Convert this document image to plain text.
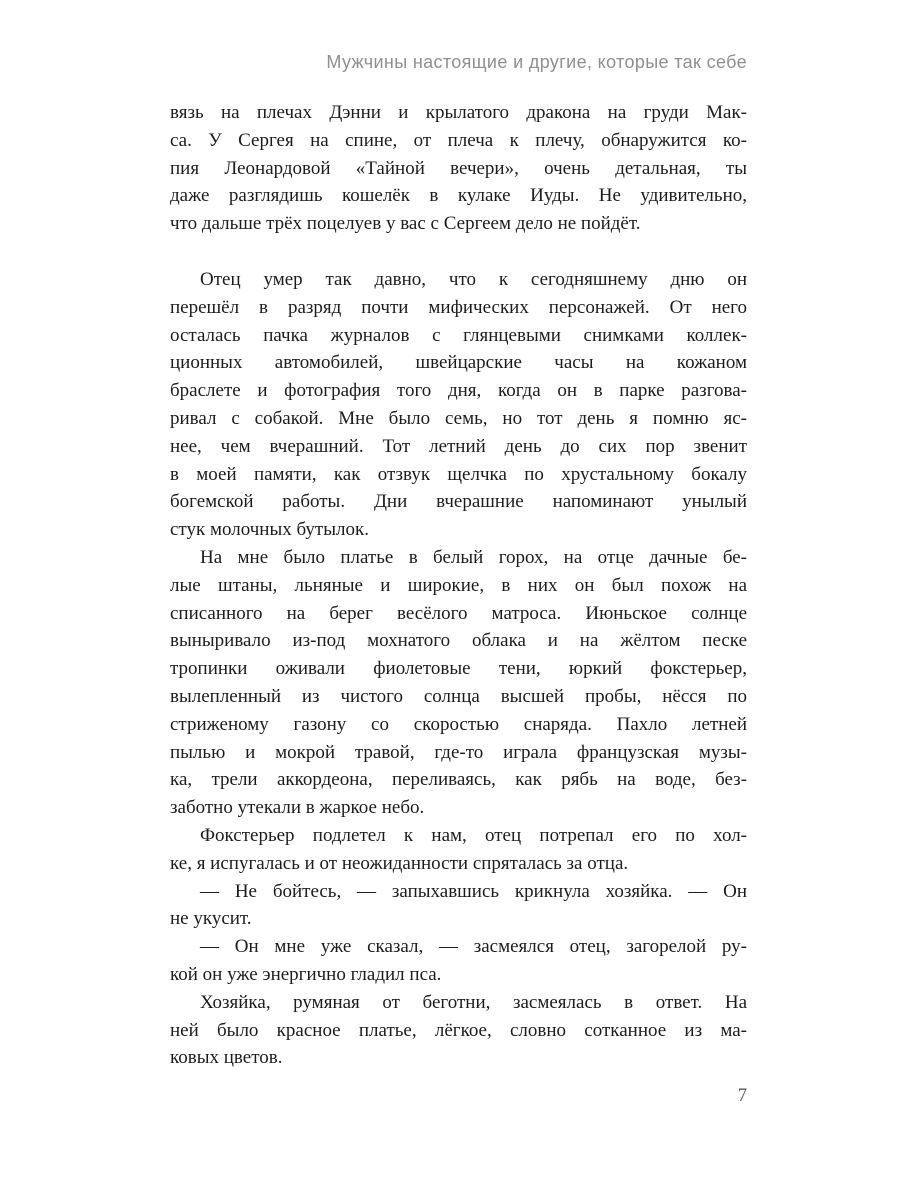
Мужчины настоящие и другие, которые так себе
вязь на плечах Дэнни и крылатого дракона на груди Мак-
са. У Сергея на спине, от плеча к плечу, обнаружится ко-
пия Леонардовой «Тайной вечери», очень детальная, ты
даже разглядишь кошелёк в кулаке Иуды. Не удивительно,
что дальше трёх поцелуев у вас с Сергеем дело не пойдёт.
Отец умер так давно, что к сегодняшнему дню он
перешёл в разряд почти мифических персонажей. От него
осталась пачка журналов с глянцевыми снимками коллек-
ционных автомобилей, швейцарские часы на кожаном
браслете и фотография того дня, когда он в парке разгова-
ривал с собакой. Мне было семь, но тот день я помню яс-
нее, чем вчерашний. Тот летний день до сих пор звенит
в моей памяти, как отзвук щелчка по хрустальному бокалу
богемской работы. Дни вчерашние напоминают унылый
стук молочных бутылок.
На мне было платье в белый горох, на отце дачные бе-
лые штаны, льняные и широкие, в них он был похож на
списанного на берег весёлого матроса. Июньское солнце
выныривало из-под мохнатого облака и на жёлтом песке
тропинки оживали фиолетовые тени, юркий фокстерьер,
вылепленный из чистого солнца высшей пробы, нёсся по
стриженому газону со скоростью снаряда. Пахло летней
пылью и мокрой травой, где-то играла французская музы-
ка, трели аккордеона, переливаясь, как рябь на воде, без-
заботно утекали в жаркое небо.
Фокстерьер подлетел к нам, отец потрепал его по хол-
ке, я испугалась и от неожиданности спряталась за отца.
— Не бойтесь, — запыхавшись крикнула хозяйка. — Он
не укусит.
— Он мне уже сказал, — засмеялся отец, загорелой ру-
кой он уже энергично гладил пса.
Хозяйка, румяная от беготни, засмеялась в ответ. На
ней было красное платье, лёгкое, словно сотканное из ма-
ковых цветов.
7
